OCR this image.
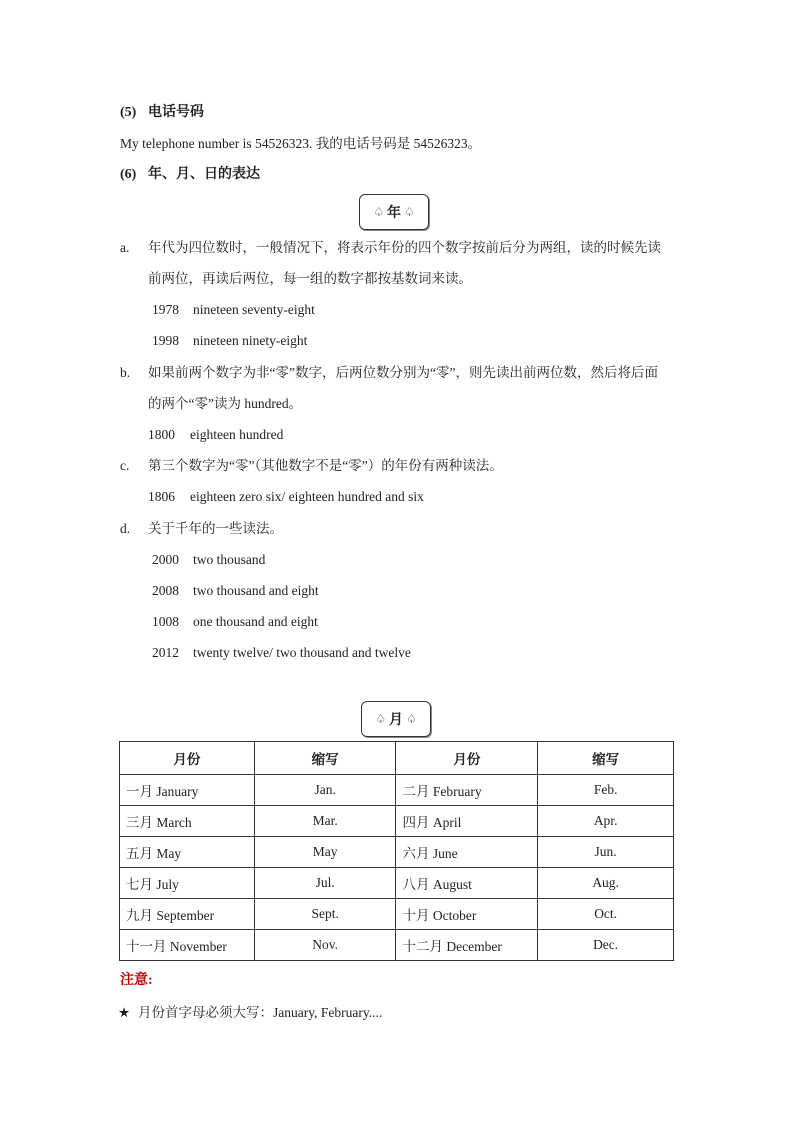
(5) 电话号码
My telephone number is 54526323. 我的电话号码是 54526323。
(6) 年、月、日的表达
♤ 年 ♤
a. 年代为四位数时，一般情况下，将表示年份的四个数字按前后分为两组，读的时候先读
前两位，再读后两位，每一组的数字都按基数词来读。
1978 nineteen seventy-eight
1998 nineteen ninety-eight
b. 如果前两个数字为非“零”数字，后两位数分别为“零”，则先读出前两位数，然后将后面
的两个“零”读为 hundred。
1800 eighteen hundred
c. 第三个数字为“零”（其他数字不是“零”）的年份有两种读法。
1806 eighteen zero six/ eighteen hundred and six
d. 关于千年的一些读法。
2000 two thousand
2008 two thousand and eight
1008 one thousand and eight
2012 twenty twelve/ two thousand and twelve
♤ 月 ♤
月份	缩写	月份	缩写
一月 January	Jan.	二月 February	Feb.
三月 March	Mar.	四月 April	Apr.
五月 May	May	六月 June	Jun.
七月 July	Jul.	八月 August	Aug.
九月 September	Sept.	十月 October	Oct.
十一月 November	Nov.	十二月 December	Dec.
注意:
★ 月份首字母必须大写：January, February....
